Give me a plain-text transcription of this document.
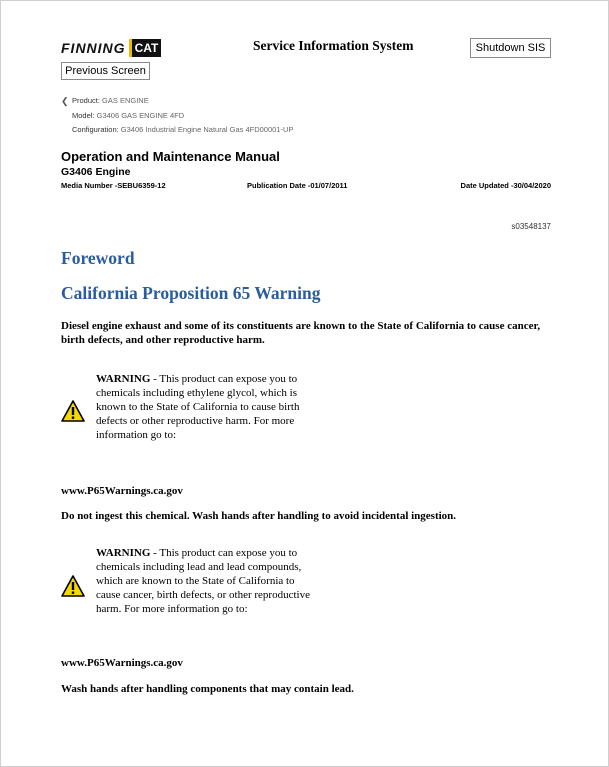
FINNING CAT	Service Information System	Shutdown SIS
Previous Screen
❮ Product: GAS ENGINE
Model: G3406 GAS ENGINE 4FD
Configuration: G3406 Industrial Engine Natural Gas 4FD00001-UP
Operation and Maintenance Manual
G3406 Engine
Media Number -SEBU6359-12	Publication Date -01/07/2011	Date Updated -30/04/2020
s03548137
Foreword
California Proposition 65 Warning
Diesel engine exhaust and some of its constituents are known to the State of California to cause cancer, birth defects, and other reproductive harm.
WARNING - This product can expose you to chemicals including ethylene glycol, which is known to the State of California to cause birth defects or other reproductive harm. For more information go to:
www.P65Warnings.ca.gov
Do not ingest this chemical. Wash hands after handling to avoid incidental ingestion.
WARNING - This product can expose you to chemicals including lead and lead compounds, which are known to the State of California to cause cancer, birth defects, or other reproductive harm. For more information go to:
www.P65Warnings.ca.gov
Wash hands after handling components that may contain lead.
